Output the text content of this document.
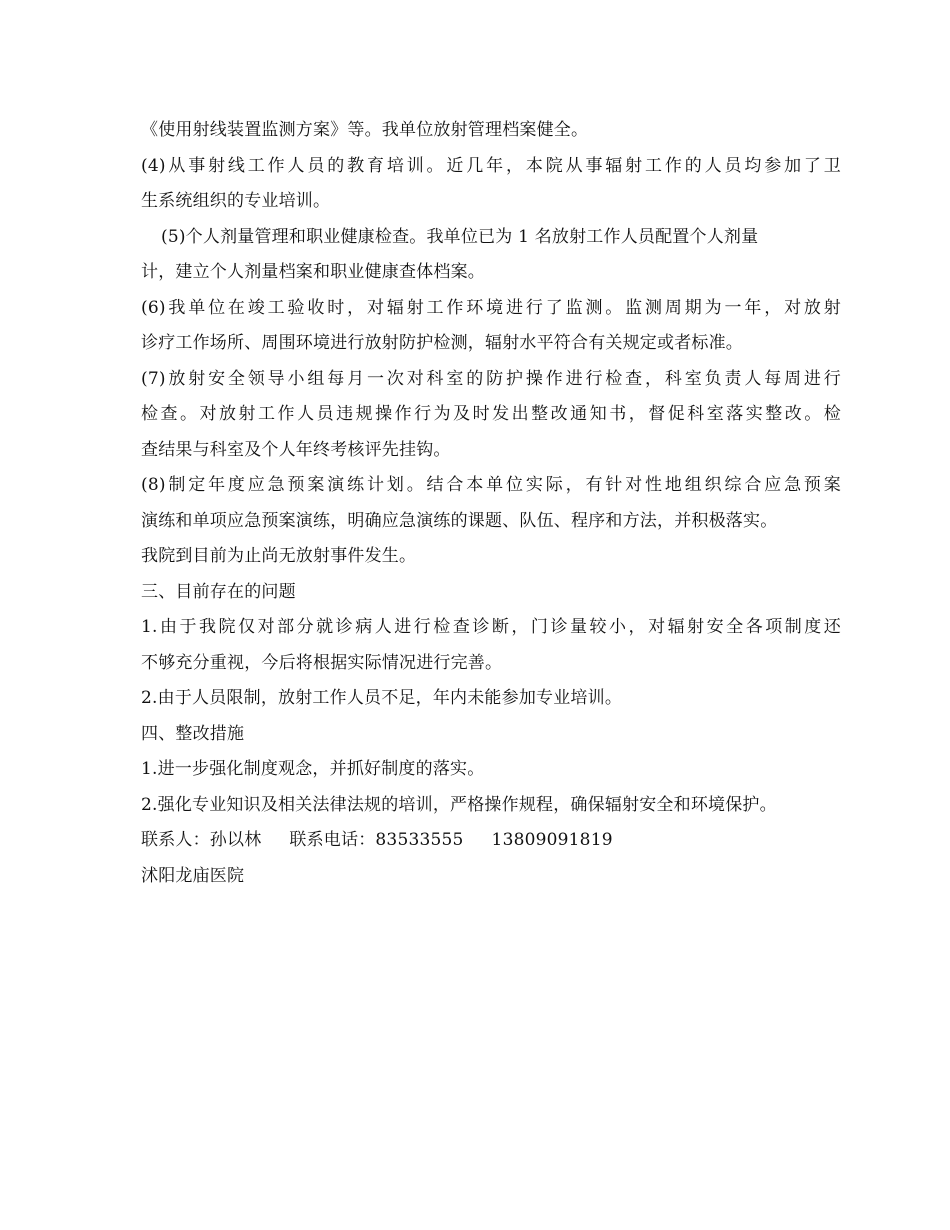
《使用射线装置监测方案》等。我单位放射管理档案健全。
(4)从事射线工作人员的教育培训。近几年，本院从事辐射工作的人员均参加了卫
生系统组织的专业培训。
(5)个人剂量管理和职业健康检查。我单位已为 1 名放射工作人员配置个人剂量
计，建立个人剂量档案和职业健康查体档案。
(6)我单位在竣工验收时，对辐射工作环境进行了监测。监测周期为一年，对放射
诊疗工作场所、周围环境进行放射防护检测，辐射水平符合有关规定或者标准。
(7)放射安全领导小组每月一次对科室的防护操作进行检查，科室负责人每周进行
检查。对放射工作人员违规操作行为及时发出整改通知书，督促科室落实整改。检
查结果与科室及个人年终考核评先挂钩。
(8)制定年度应急预案演练计划。结合本单位实际，有针对性地组织综合应急预案
演练和单项应急预案演练，明确应急演练的课题、队伍、程序和方法，并积极落实。
我院到目前为止尚无放射事件发生。
三、目前存在的问题
1.由于我院仅对部分就诊病人进行检查诊断，门诊量较小，对辐射安全各项制度还
不够充分重视，今后将根据实际情况进行完善。
2.由于人员限制，放射工作人员不足，年内未能参加专业培训。
四、整改措施
1.进一步强化制度观念，并抓好制度的落实。
2.强化专业知识及相关法律法规的培训，严格操作规程，确保辐射安全和环境保护。
联系人：孙以林 联系电话：83533555 13809091819
沭阳龙庙医院
